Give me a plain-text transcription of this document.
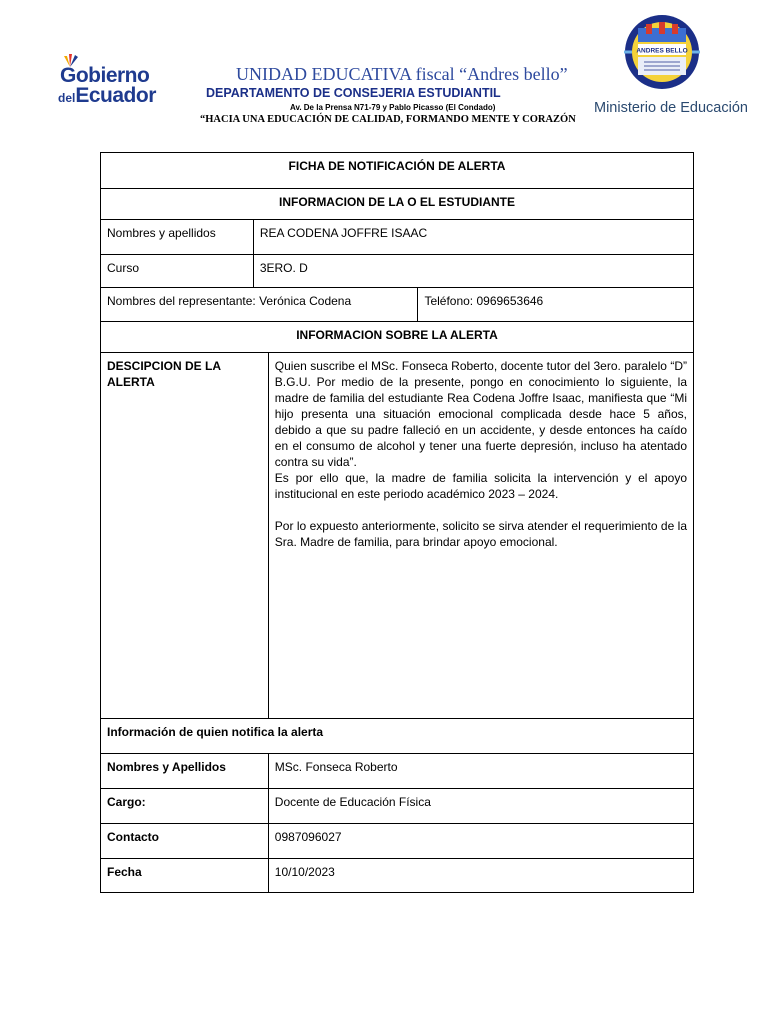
Gobierno
delEcuador
UNIDAD EDUCATIVA fiscal “Andres bello”
DEPARTAMENTO DE CONSEJERIA ESTUDIANTIL
Av. De la Prensa N71-79 y Pablo Picasso (El Condado)
“HACIA UNA EDUCACIÓN DE CALIDAD, FORMANDO MENTE Y CORAZÓN
ANDRES BELLO
Ministerio de Educación
FICHA DE NOTIFICACIÓN DE ALERTA			
INFORMACION DE LA O EL ESTUDIANTE			
Nombres y apellidos	REA CODENA JOFFRE ISAAC		
Curso	3ERO. D		
Nombres del representante: Verónica Codena			Teléfono: 0969653646
INFORMACION SOBRE LA ALERTA			
DESCIPCION DE LA ALERTA		Quien suscribe el MSc. Fonseca Roberto, docente tutor del 3ero. paralelo “D” B.G.U. Por medio de la presente, pongo en conocimiento lo siguiente, la madre de familia del estudiante Rea Codena Joffre Isaac, manifiesta que “Mi hijo presenta una situación emocional complicada desde hace 5 años, debido a que su padre falleció en un accidente, y desde entonces ha caído en el consumo de alcohol y tener una fuerte depresión, incluso ha atentado contra su vida”.
Es por ello que, la madre de familia solicita la intervención y el apoyo institucional en este periodo académico 2023 – 2024.
Por lo expuesto anteriormente, solicito se sirva atender el requerimiento de la Sra. Madre de familia, para brindar apoyo emocional.	

Información de quien notifica la alerta			
Nombres y Apellidos		MSc. Fonseca Roberto	
Cargo:		Docente de Educación Física	
Contacto		0987096027	
Fecha		10/10/2023	
